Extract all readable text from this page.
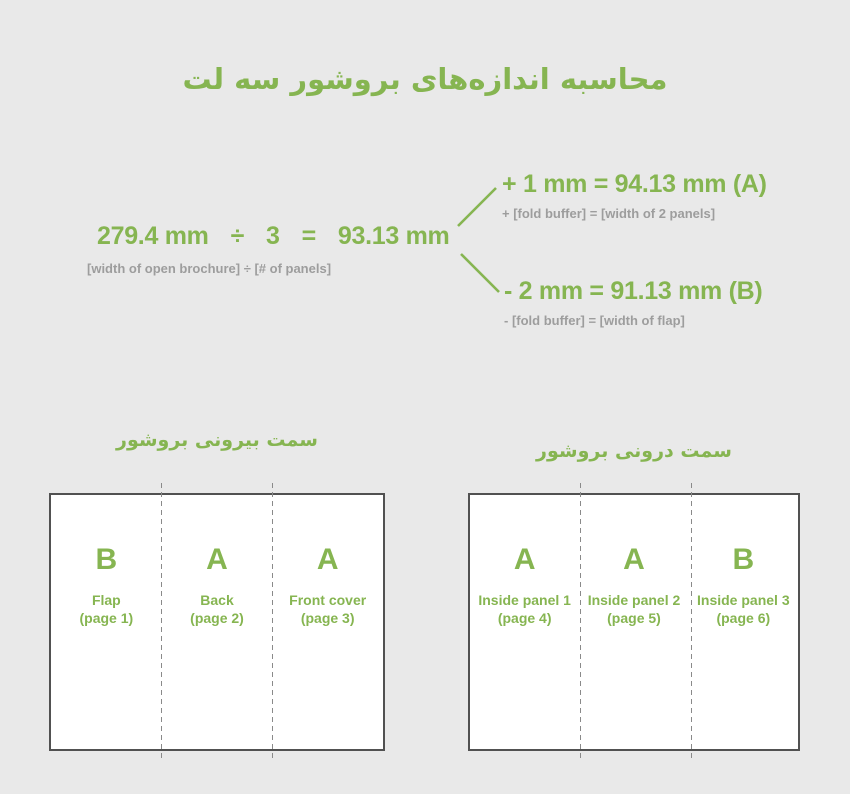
محاسبه اندازه‌های بروشور سه لت
279.4 mm ÷ 3 = 93.13 mm
[width of open brochure] ÷ [# of panels]
+ 1 mm = 94.13 mm (A)
+ [fold buffer] = [width of 2 panels]
- 2 mm = 91.13 mm (B)
- [fold buffer] = [width of flap]
سمت بیرونی بروشور	سمت درونی بروشور
B
Flap
(page 1)
A
Back
(page 2)
A
Front cover
(page 3)
A
Inside panel 1
(page 4)
A
Inside panel 2
(page 5)
B
Inside panel 3
(page 6)
